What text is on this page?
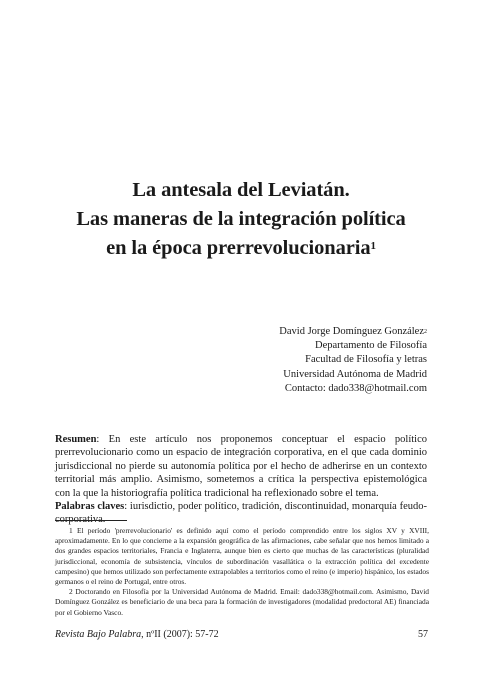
La antesala del Leviatán.
Las maneras de la integración política
en la época prerrevolucionaria$^1$
David Jorge Domínguez González$^2$
Departamento de Filosofía
Facultad de Filosofía y letras
Universidad Autónoma de Madrid
Contacto: dado338@hotmail.com

Resumen: En este artículo nos proponemos conceptuar el espacio político prerrevolucionario como un espacio de integración corporativa, en el que cada dominio jurisdiccional no pierde su autonomía política por el hecho de adherirse en un contexto territorial más amplio. Asimismo, sometemos a crítica la perspectiva epistemológica con la que la historiografía política tradicional ha reflexionado sobre el tema.

Palabras claves: iurisdictio, poder político, tradición, discontinuidad, monarquía feudo-corporativa.

1 El período 'prerrevolucionario' es definido aquí como el período comprendido entre los siglos XV y XVIII, aproximadamente. En lo que concierne a la expansión geográfica de las afirmaciones, cabe señalar que nos hemos limitado a dos grandes espacios territoriales, Francia e Inglaterra, aunque bien es cierto que muchas de las características (pluralidad jurisdiccional, economía de subsistencia, vínculos de subordinación vasallática o la extracción política del excedente campesino) que hemos utilizado son perfectamente extrapolables a territorios como el reino (e imperio) hispánico, los estados germanos o el reino de Portugal, entre otros.

2 Doctorando en Filosofía por la Universidad Autónoma de Madrid. Email: dado338@hotmail.com. Asimismo, David Domínguez González es beneficiario de una beca para la formación de investigadores (modalidad predoctoral AE) financiada por el Gobierno Vasco.

Revista Bajo Palabra, nºII (2007): 57-72	57
